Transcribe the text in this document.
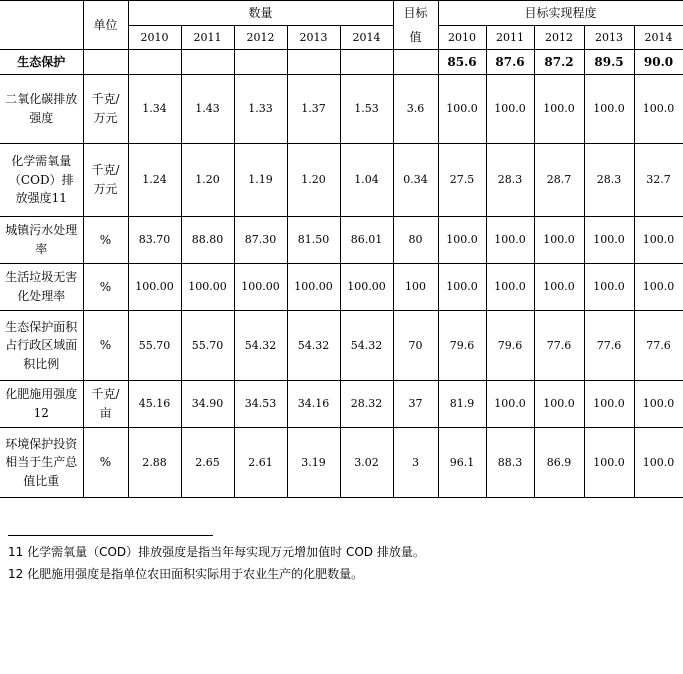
	单位	数量					目标	目标实现程度				
		2010	2011	2012	2013	2014	值	2010	2011	2012	2013	2014
生态保护								85.6	87.6	87.2	89.5	90.0
二氧化碳排放强度	千克/万元	1.34	1.43	1.33	1.37	1.53	3.6	100.0	100.0	100.0	100.0	100.0
化学需氧量（COD）排放强度11	千克/万元	1.24	1.20	1.19	1.20	1.04	0.34	27.5	28.3	28.7	28.3	32.7
城镇污水处理率	%	83.70	88.80	87.30	81.50	86.01	80	100.0	100.0	100.0	100.0	100.0
生活垃圾无害化处理率	%	100.00	100.00	100.00	100.00	100.00	100	100.0	100.0	100.0	100.0	100.0
生态保护面积占行政区域面积比例	%	55.70	55.70	54.32	54.32	54.32	70	79.6	79.6	77.6	77.6	77.6
化肥施用强度12	千克/亩	45.16	34.90	34.53	34.16	28.32	37	81.9	100.0	100.0	100.0	100.0
环境保护投资相当于生产总值比重	%	2.88	2.65	2.61	3.19	3.02	3	96.1	88.3	86.9	100.0	100.0
11 化学需氧量（COD）排放强度是指当年每实现万元增加值时 COD 排放量。
12 化肥施用强度是指单位农田面积实际用于农业生产的化肥数量。
